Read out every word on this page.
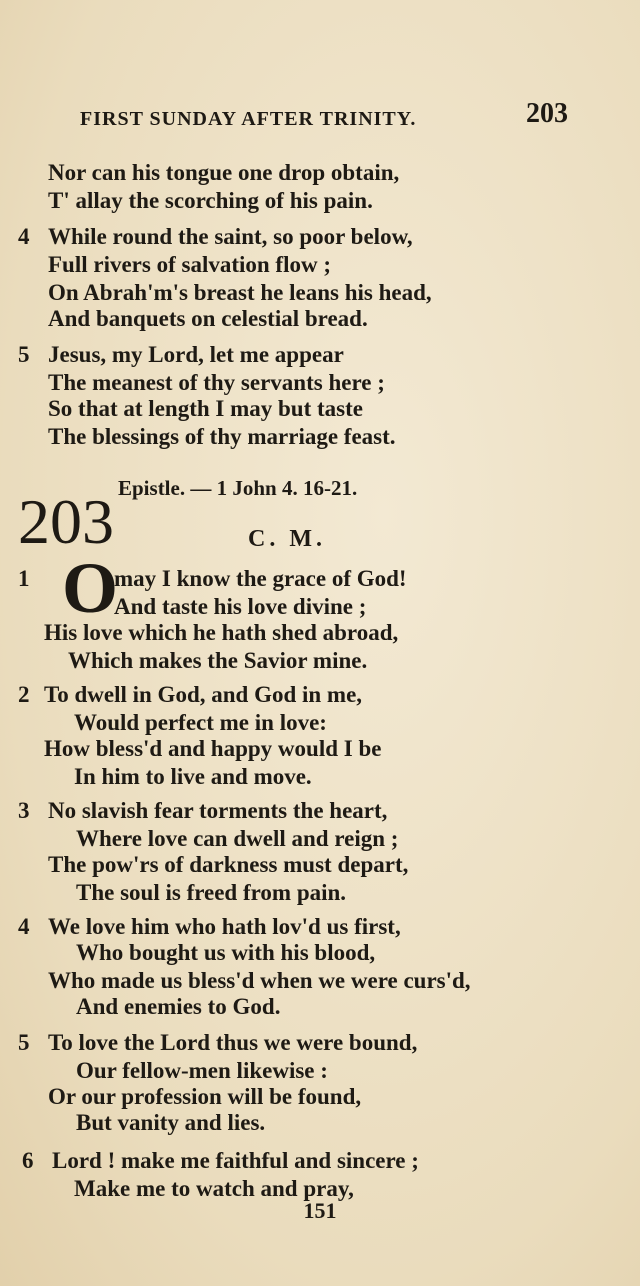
FIRST SUNDAY AFTER TRINITY.	203
Nor can his tongue one drop obtain,
T' allay the scorching of his pain.
4 While round the saint, so poor below,
Full rivers of salvation flow ;
On Abrah'm's breast he leans his head,
And banquets on celestial bread.
5 Jesus, my Lord, let me appear
The meanest of thy servants here ;
So that at length I may but taste
The blessings of thy marriage feast.
Epistle. — 1 John 4. 16-21.
203	C. M.
1 O
may I know the grace of God!
And taste his love divine ;
His love which he hath shed abroad,
Which makes the Savior mine.
2 To dwell in God, and God in me,
Would perfect me in love:
How bless'd and happy would I be
In him to live and move.
3 No slavish fear torments the heart,
Where love can dwell and reign ;
The pow'rs of darkness must depart,
The soul is freed from pain.
4 We love him who hath lov'd us first,
Who bought us with his blood,
Who made us bless'd when we were curs'd,
And enemies to God.
5 To love the Lord thus we were bound,
Our fellow-men likewise :
Or our profession will be found,
But vanity and lies.
6 Lord ! make me faithful and sincere ;
Make me to watch and pray,
151
